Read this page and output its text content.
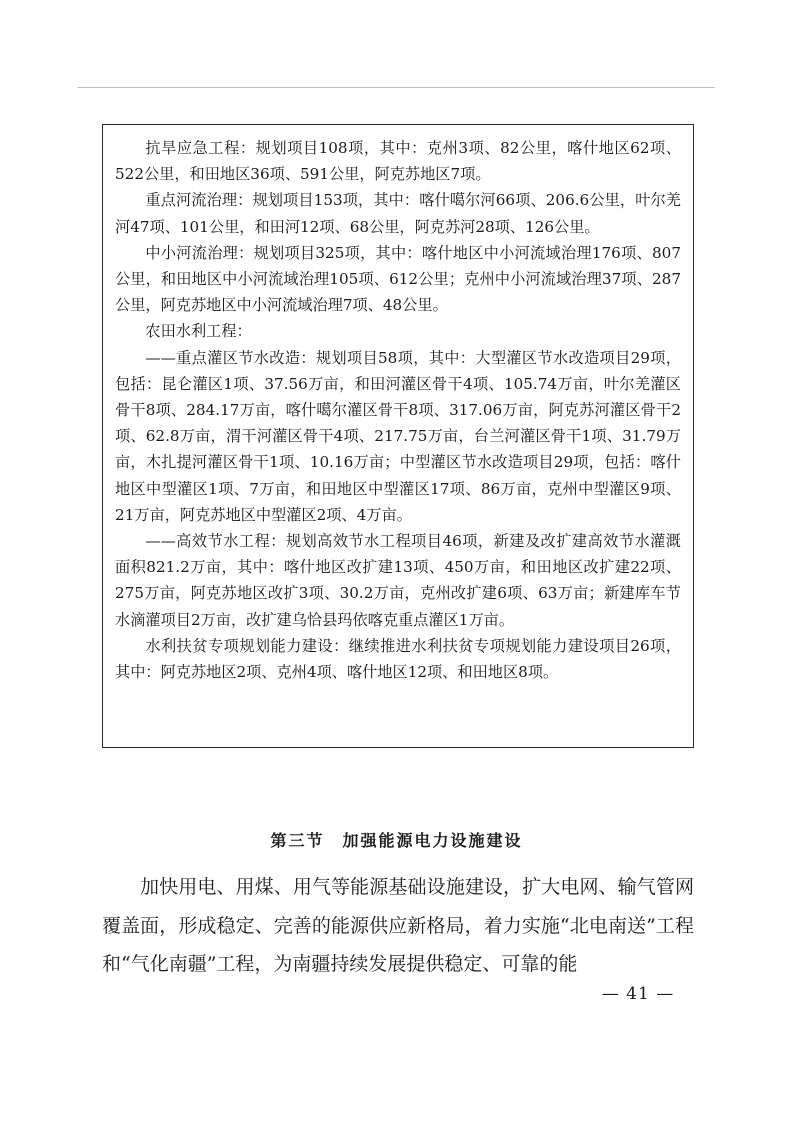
抗旱应急工程：规划项目108项，其中：克州3项、82公里，喀什地区62项、522公里，和田地区36项、591公里，阿克苏地区7项。

重点河流治理：规划项目153项，其中：喀什噶尔河66项、206.6公里，叶尔羌河47项、101公里，和田河12项、68公里，阿克苏河28项、126公里。

中小河流治理：规划项目325项，其中：喀什地区中小河流域治理176项、807公里，和田地区中小河流域治理105项、612公里；克州中小河流域治理37项、287公里，阿克苏地区中小河流域治理7项、48公里。

农田水利工程：

——重点灌区节水改造：规划项目58项，其中：大型灌区节水改造项目29项，包括：昆仑灌区1项、37.56万亩，和田河灌区骨干4项、105.74万亩，叶尔羌灌区骨干8项、284.17万亩，喀什噶尔灌区骨干8项、317.06万亩，阿克苏河灌区骨干2项、62.8万亩，渭干河灌区骨干4项、217.75万亩，台兰河灌区骨干1项、31.79万亩，木扎提河灌区骨干1项、10.16万亩；中型灌区节水改造项目29项，包括：喀什地区中型灌区1项、7万亩，和田地区中型灌区17项、86万亩，克州中型灌区9项、21万亩，阿克苏地区中型灌区2项、4万亩。

——高效节水工程：规划高效节水工程项目46项，新建及改扩建高效节水灌溉面积821.2万亩，其中：喀什地区改扩建13项、450万亩，和田地区改扩建22项、275万亩，阿克苏地区改扩3项、30.2万亩，克州改扩建6项、63万亩；新建库车节水滴灌项目2万亩，改扩建乌恰县玛依喀克重点灌区1万亩。

水利扶贫专项规划能力建设：继续推进水利扶贫专项规划能力建设项目26项，其中：阿克苏地区2项、克州4项、喀什地区12项、和田地区8项。

第三节　加强能源电力设施建设

加快用电、用煤、用气等能源基础设施建设，扩大电网、输气管网覆盖面，形成稳定、完善的能源供应新格局，着力实施“北电南送”工程和“气化南疆”工程，为南疆持续发展提供稳定、可靠的能

— 41 —
